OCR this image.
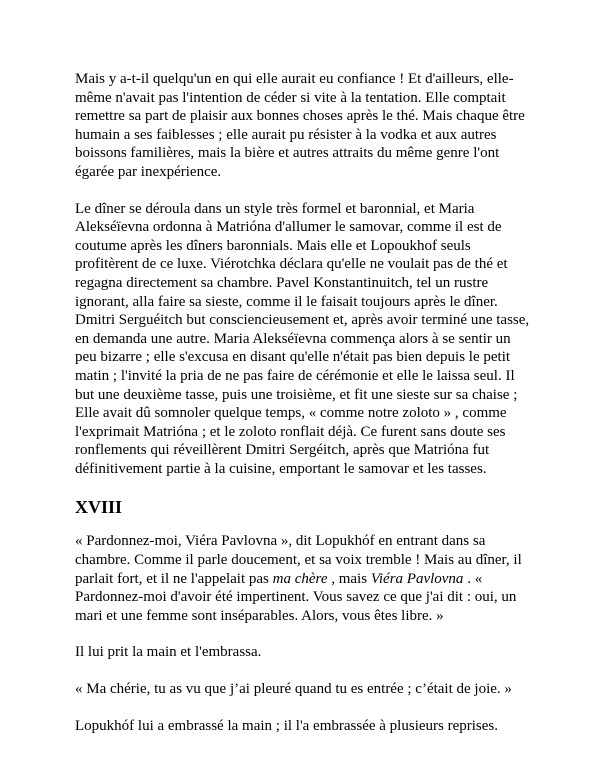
Mais y a-t-il quelqu'un en qui elle aurait eu confiance ! Et d'ailleurs, elle-
même n'avait pas l'intention de céder si vite à la tentation. Elle comptait
remettre sa part de plaisir aux bonnes choses après le thé. Mais chaque être
humain a ses faiblesses ; elle aurait pu résister à la vodka et aux autres
boissons familières, mais la bière et autres attraits du même genre l'ont
égarée par inexpérience.

Le dîner se déroula dans un style très formel et baronnial, et Maria
Alekséïevna ordonna à Matrióna d'allumer le samovar, comme il est de
coutume après les dîners baronnials. Mais elle et Lopoukhof seuls
profitèrent de ce luxe. Viérotchka déclara qu'elle ne voulait pas de thé et
regagna directement sa chambre. Pavel Konstantinuitch, tel un rustre
ignorant, alla faire sa sieste, comme il le faisait toujours après le dîner.
Dmitri Serguéitch but consciencieusement et, après avoir terminé une tasse,
en demanda une autre. Maria Alekséïevna commença alors à se sentir un
peu bizarre ; elle s'excusa en disant qu'elle n'était pas bien depuis le petit
matin ; l'invité la pria de ne pas faire de cérémonie et elle le laissa seul. Il
but une deuxième tasse, puis une troisième, et fit une sieste sur sa chaise ;
Elle avait dû somnoler quelque temps, « comme notre zoloto » , comme
l'exprimait Matrióna ; et le zoloto ronflait déjà. Ce furent sans doute ses
ronflements qui réveillèrent Dmitri Sergéitch, après que Matrióna fut
définitivement partie à la cuisine, emportant le samovar et les tasses.

XVIII

« Pardonnez-moi, Viéra Pavlovna », dit Lopukhóf en entrant dans sa
chambre. Comme il parle doucement, et sa voix tremble ! Mais au dîner, il
parlait fort, et il ne l'appelait pas ma chère , mais Viéra Pavlovna . «
Pardonnez-moi d'avoir été impertinent. Vous savez ce que j'ai dit : oui, un
mari et une femme sont inséparables. Alors, vous êtes libre. »

Il lui prit la main et l'embrassa.

« Ma chérie, tu as vu que j’ai pleuré quand tu es entrée ; c’était de joie. »

Lopukhóf lui a embrassé la main ; il l'a embrassée à plusieurs reprises.
